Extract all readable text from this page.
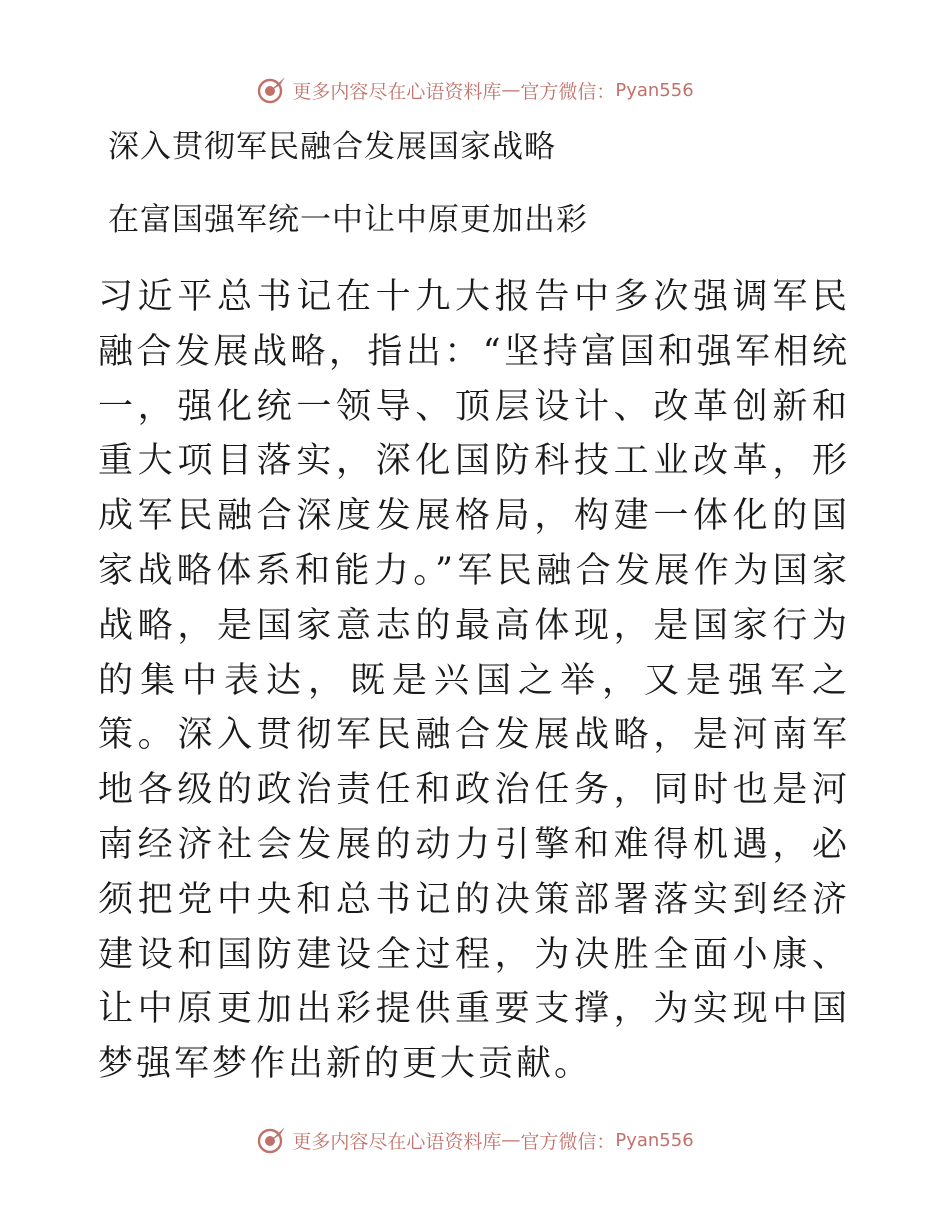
更多内容尽在心语资料库 — 官方微信： Pyan556
深入贯彻军民融合发展国家战略
在富国强军统一中让中原更加出彩

习近平总书记在十九大报告中多次强调军民融合发展战略，指出：“坚持富国和强军相统一，强化统一领导、顶层设计、改革创新和重大项目落实，深化国防科技工业改革，形成军民融合深度发展格局，构建一体化的国家战略体系和能力。”军民融合发展作为国家战略，是国家意志的最高体现，是国家行为的集中表达，既是兴国之举，又是强军之策。深入贯彻军民融合发展战略，是河南军地各级的政治责任和政治任务，同时也是河南经济社会发展的动力引擎和难得机遇，必须把党中央和总书记的决策部署落实到经济建设和国防建设全过程，为决胜全面小康、让中原更加出彩提供重要支撑，为实现中国梦强军梦作出新的更大贡献。

更多内容尽在心语资料库 — 官方微信： Pyan556
